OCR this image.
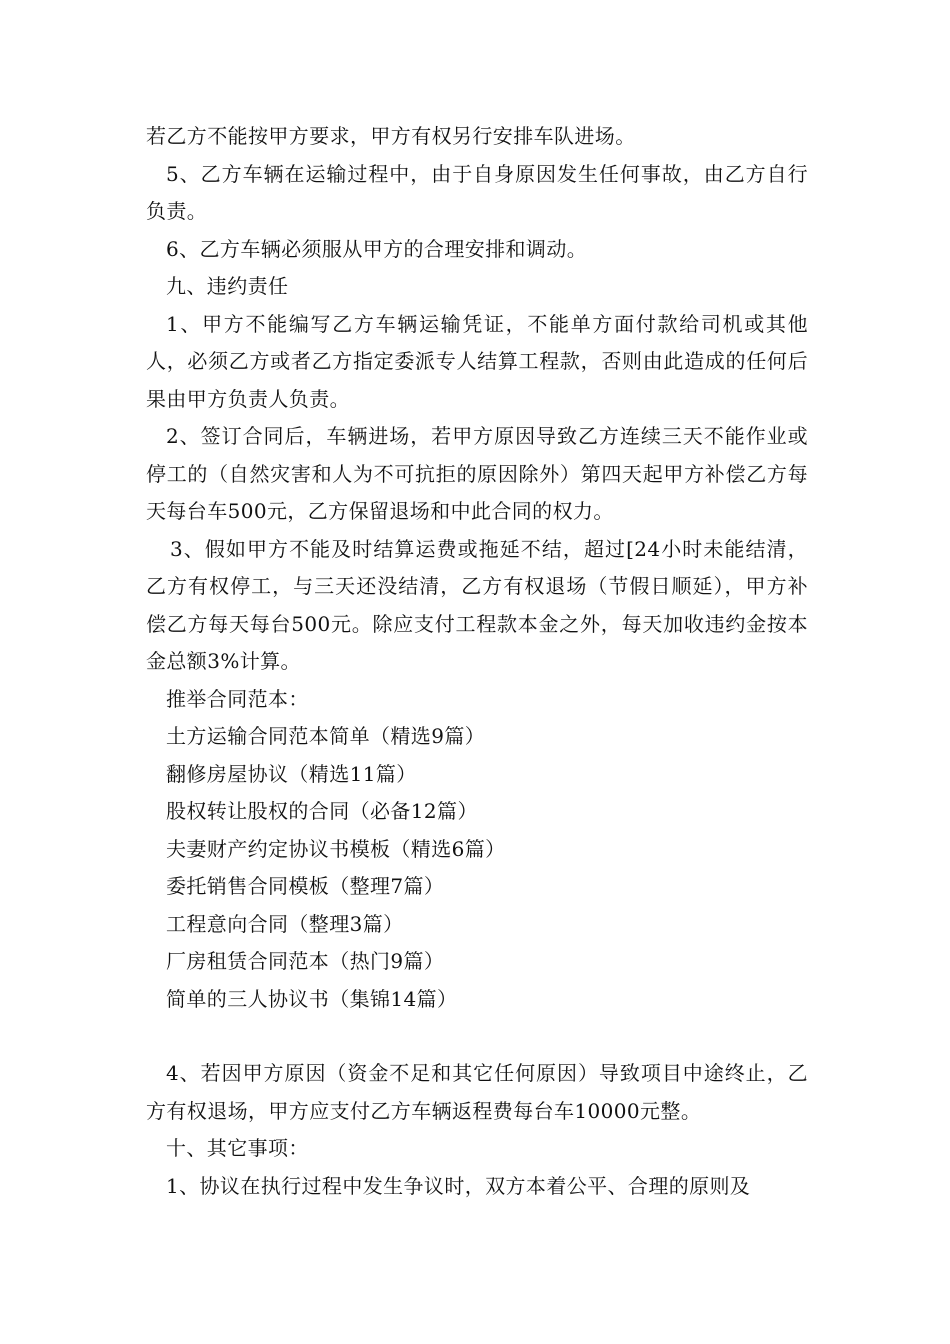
若乙方不能按甲方要求，甲方有权另行安排车队进场。

5、乙方车辆在运输过程中，由于自身原因发生任何事故，由乙方自行负责。

6、乙方车辆必须服从甲方的合理安排和调动。

九、违约责任

1、甲方不能编写乙方车辆运输凭证，不能单方面付款给司机或其他人，必须乙方或者乙方指定委派专人结算工程款，否则由此造成的任何后果由甲方负责人负责。

2、签订合同后，车辆进场，若甲方原因导致乙方连续三天不能作业或停工的（自然灾害和人为不可抗拒的原因除外）第四天起甲方补偿乙方每天每台车500元，乙方保留退场和中此合同的权力。

3、假如甲方不能及时结算运费或拖延不结，超过[24小时未能结清，乙方有权停工，与三天还没结清，乙方有权退场（节假日顺延），甲方补偿乙方每天每台500元。除应支付工程款本金之外，每天加收违约金按本金总额3%计算。

推举合同范本：

土方运输合同范本简单（精选9篇）

翻修房屋协议（精选11篇）

股权转让股权的合同（必备12篇）

夫妻财产约定协议书模板（精选6篇）

委托销售合同模板（整理7篇）

工程意向合同（整理3篇）

厂房租赁合同范本（热门9篇）

简单的三人协议书（集锦14篇）

4、若因甲方原因（资金不足和其它任何原因）导致项目中途终止，乙方有权退场，甲方应支付乙方车辆返程费每台车10000元整。

十、其它事项：

1、协议在执行过程中发生争议时，双方本着公平、合理的原则及
